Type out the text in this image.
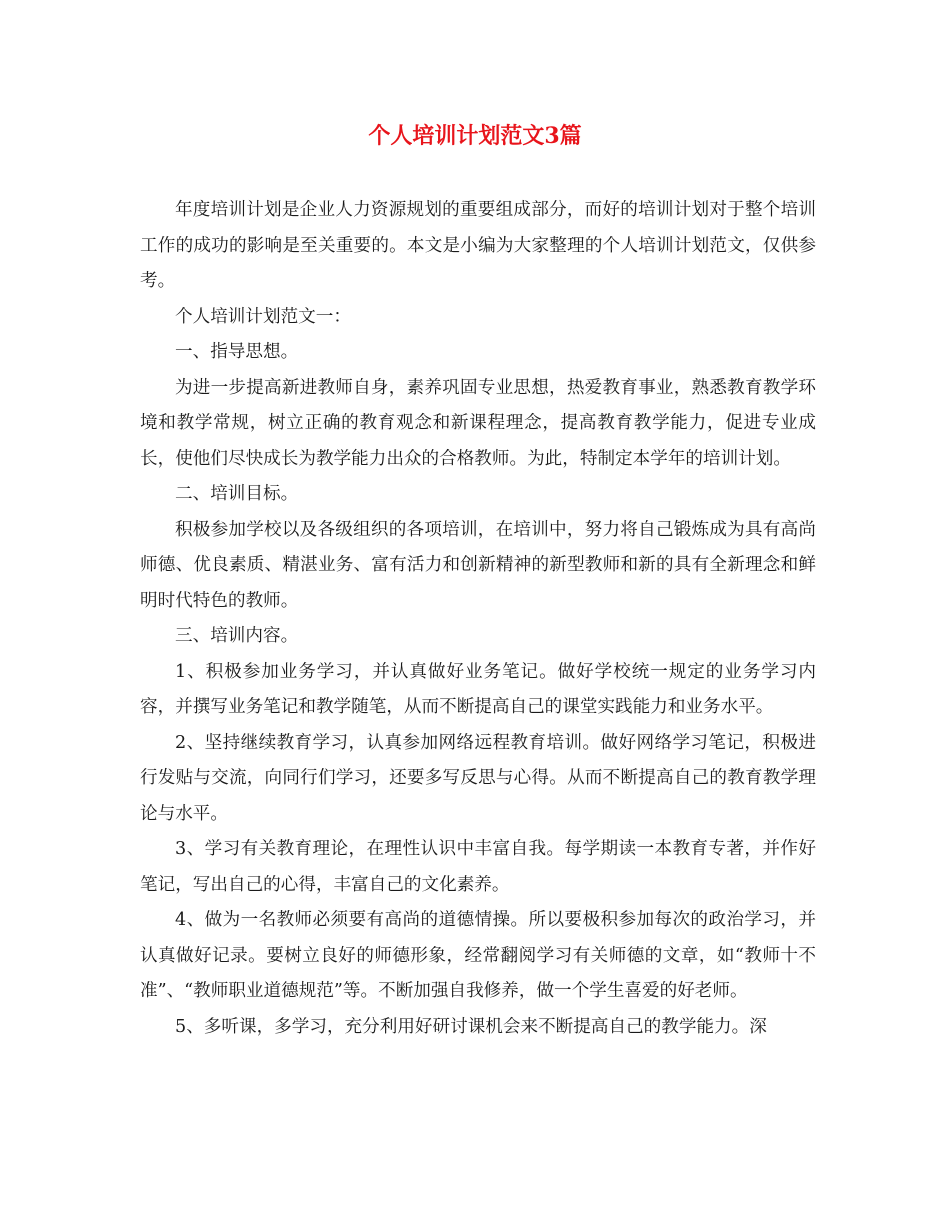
个人培训计划范文3篇

年度培训计划是企业人力资源规划的重要组成部分，而好的培训计划对于整个培训工作的成功的影响是至关重要的。本文是小编为大家整理的个人培训计划范文，仅供参考。

个人培训计划范文一：

一、指导思想。

为进一步提高新进教师自身，素养巩固专业思想，热爱教育事业，熟悉教育教学环境和教学常规，树立正确的教育观念和新课程理念，提高教育教学能力，促进专业成长，使他们尽快成长为教学能力出众的合格教师。为此，特制定本学年的培训计划。

二、培训目标。

积极参加学校以及各级组织的各项培训，在培训中，努力将自己锻炼成为具有高尚师德、优良素质、精湛业务、富有活力和创新精神的新型教师和新的具有全新理念和鲜明时代特色的教师。

三、培训内容。

1、积极参加业务学习，并认真做好业务笔记。做好学校统一规定的业务学习内容，并撰写业务笔记和教学随笔，从而不断提高自己的课堂实践能力和业务水平。

2、坚持继续教育学习，认真参加网络远程教育培训。做好网络学习笔记，积极进行发贴与交流，向同行们学习，还要多写反思与心得。从而不断提高自己的教育教学理论与水平。

3、学习有关教育理论，在理性认识中丰富自我。每学期读一本教育专著，并作好笔记，写出自己的心得，丰富自己的文化素养。

4、做为一名教师必须要有高尚的道德情操。所以要极积参加每次的政治学习，并认真做好记录。要树立良好的师德形象，经常翻阅学习有关师德的文章，如“教师十不准”、“教师职业道德规范”等。不断加强自我修养，做一个学生喜爱的好老师。

5、多听课，多学习，充分利用好研讨课机会来不断提高自己的教学能力。深
